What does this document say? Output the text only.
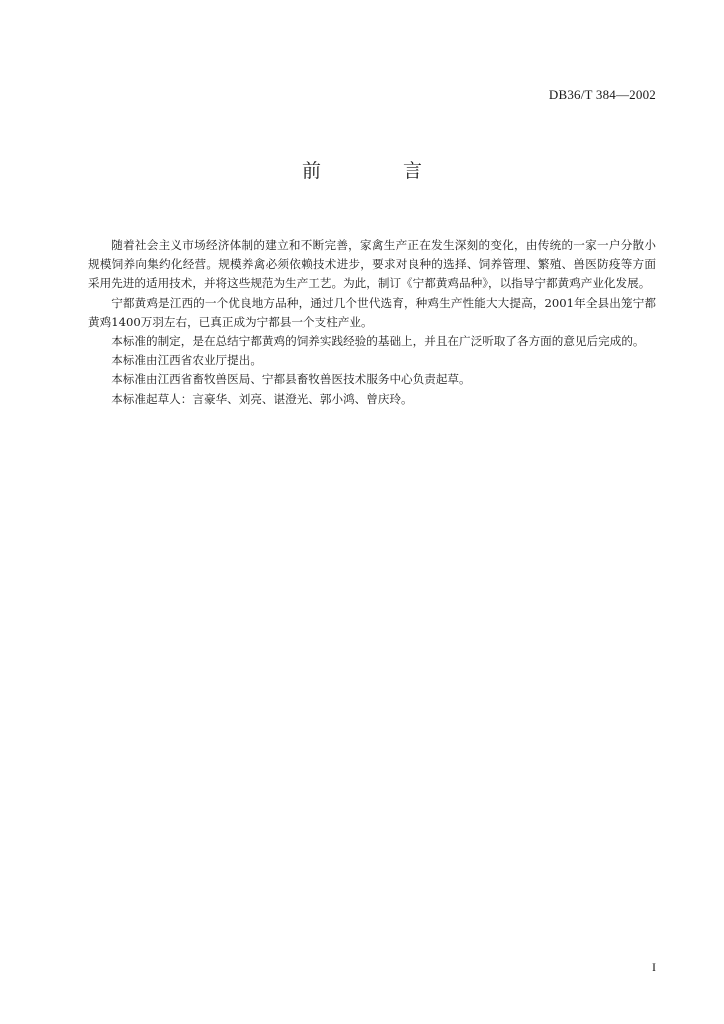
DB36/T 384—2002
前 言

随着社会主义市场经济体制的建立和不断完善，家禽生产正在发生深刻的变化，由传统的一家一户分散小规模饲养向集约化经营。规模养禽必须依赖技术进步，要求对良种的选择、饲养管理、繁殖、兽医防疫等方面采用先进的适用技术，并将这些规范为生产工艺。为此，制订《宁都黄鸡品种》，以指导宁都黄鸡产业化发展。

宁都黄鸡是江西的一个优良地方品种，通过几个世代选育，种鸡生产性能大大提高，2001年全县出笼宁都黄鸡1400万羽左右，已真正成为宁都县一个支柱产业。

本标准的制定，是在总结宁都黄鸡的饲养实践经验的基础上，并且在广泛听取了各方面的意见后完成的。

本标准由江西省农业厅提出。

本标准由江西省畜牧兽医局、宁都县畜牧兽医技术服务中心负责起草。

本标准起草人：言豪华、刘亮、谌澄光、郭小鸿、曾庆玲。

I
